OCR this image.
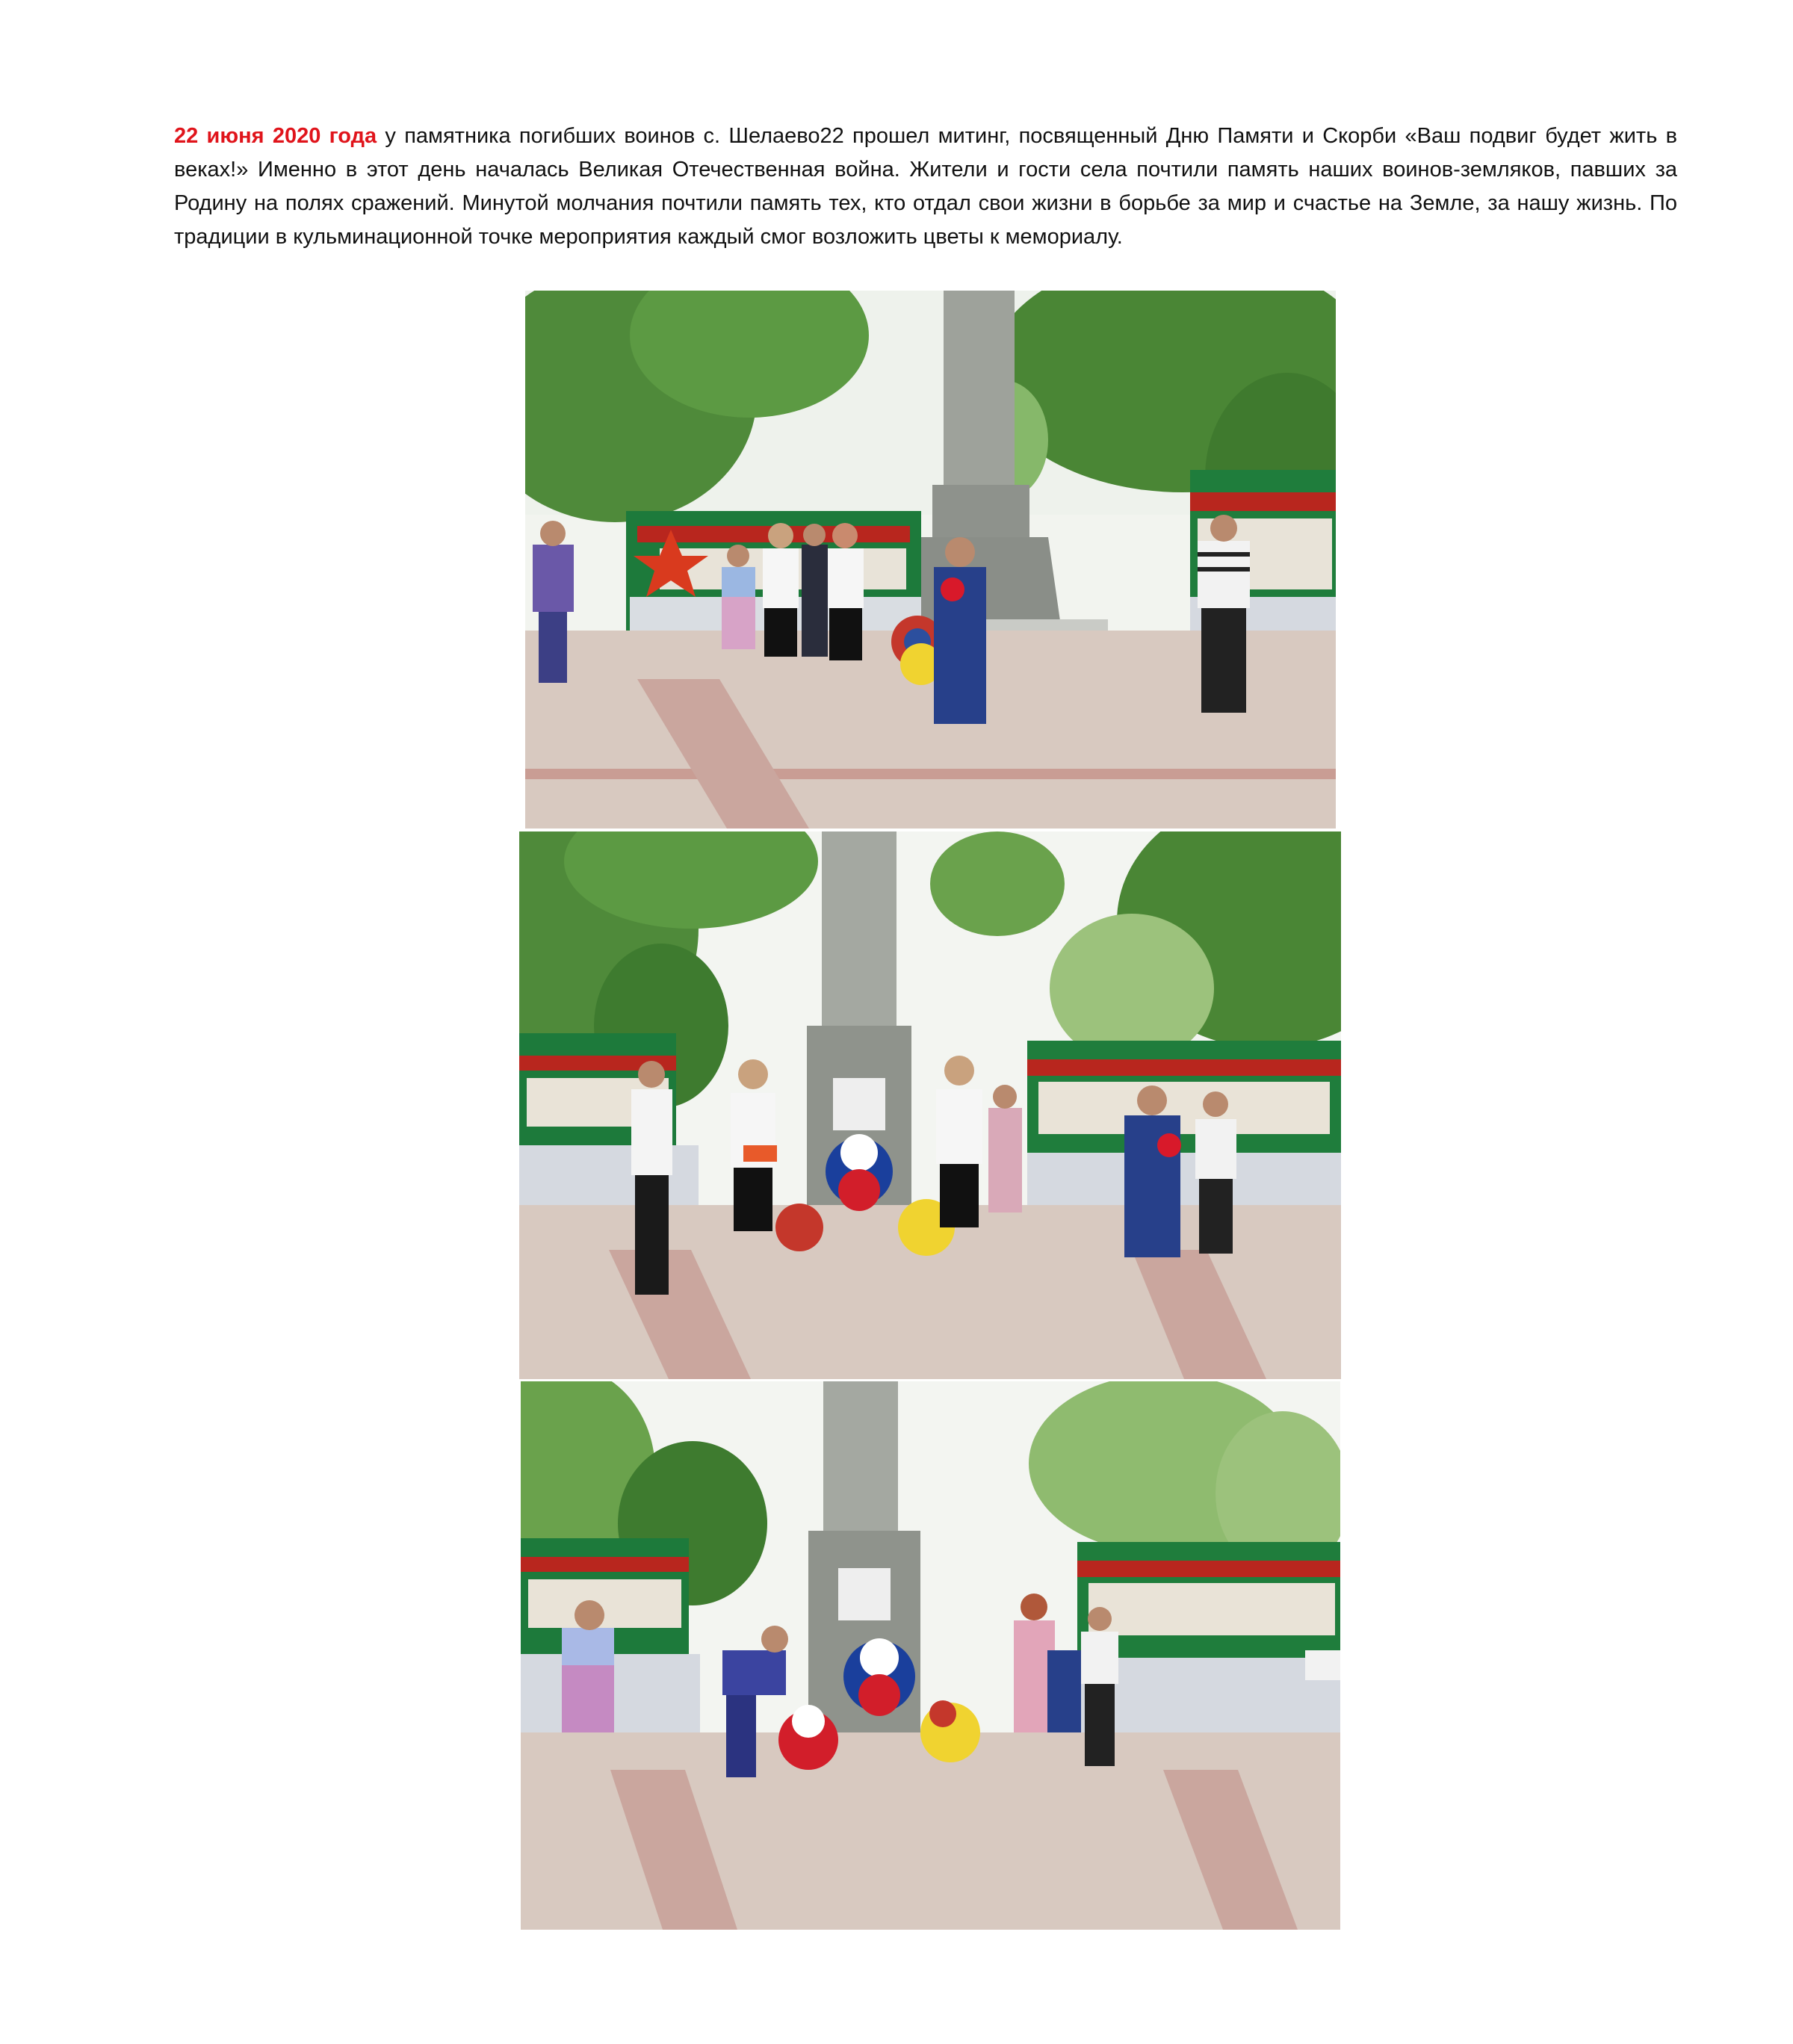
22 июня 2020 года у памятника погибших воинов с. Шелаево22 прошел митинг, посвященный Дню Памяти и Скорби «Ваш подвиг будет жить в веках!» Именно в этот день началась Великая Отечественная война. Жители и гости села почтили память наших воинов-земляков, павших за Родину на полях сражений. Минутой молчания почтили память тех, кто отдал свои жизни в борьбе за мир и счастье на Земле, за нашу жизнь. По традиции в кульминационной точке мероприятия каждый смог возложить цветы к мемориалу.
